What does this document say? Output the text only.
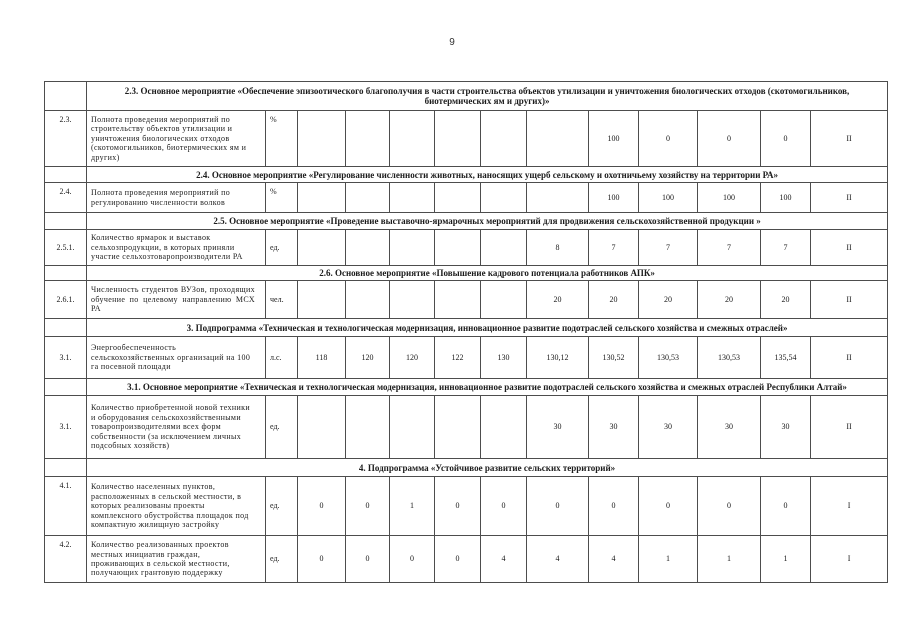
9
	2.3. Основное мероприятие «Обеспечение эпизоотического благополучия в части строительства объектов утилизации и уничтожения биологических отходов (скотомогильников, биотермических ям и других)»												
2.3.	Полнота проведения мероприятий по строительству объектов утилизации и уничтожения биологических отходов (скотомогильников, биотермических ям и других)	%							100	0	0	0	II
	2.4. Основное мероприятие «Регулирование численности животных, наносящих ущерб сельскому и охотничьему хозяйству на территории РА»												
2.4.	Полнота проведения мероприятий по регулированию численности волков	%							100	100	100	100	II
	2.5. Основное мероприятие «Проведение выставочно-ярмарочных мероприятий для продвижения сельскохозяйственной продукции »												
2.5.1.	Количество ярмарок и выставок сельхозпродукции, в которых приняли участие сельхозтоваропроизводители РА	ед.						8	7	7	7	7	II
	2.6. Основное мероприятие «Повышение кадрового потенциала работников АПК»												
2.6.1.	Численность студентов ВУЗов, проходящих обучение по целевому направлению МСХ РА	чел.						20	20	20	20	20	II
	3. Подпрограмма «Техническая и технологическая модернизация, инновационное развитие подотраслей сельского хозяйства и смежных отраслей»												
3.1.	Энергообеспеченность сельскохозяйственных организаций на 100 га посевной площади	л.с.	118	120	120	122	130	130,12	130,52	130,53	130,53	135,54	II
	3.1. Основное мероприятие «Техническая и технологическая модернизация, инновационное развитие подотраслей сельского хозяйства и смежных отраслей Республики Алтай»												
3.1.	Количество приобретенной новой техники и оборудования сельскохозяйственными товаропроизводителями всех форм собственности (за исключением личных подсобных хозяйств)	ед.						30	30	30	30	30	II
	4. Подпрограмма «Устойчивое развитие сельских территорий»												
4.1.	Количество населенных пунктов, расположенных в сельской местности, в которых реализованы проекты комплексного обустройства площадок под компактную жилищную застройку	ед.	0	0	1	0	0	0	0	0	0	0	I
4.2.	Количество реализованных проектов местных инициатив граждан, проживающих в сельской местности, получающих грантовую поддержку	ед.	0	0	0	0	4	4	4	1	1	1	I
